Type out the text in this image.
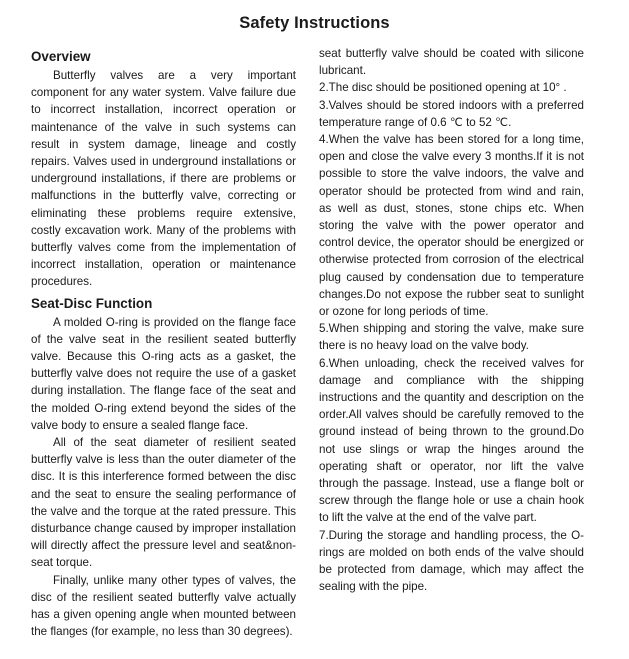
Safety Instructions
Overview

Butterfly valves are a very important component for any water system. Valve failure due to incorrect installation, incorrect operation or maintenance of the valve in such systems can result in system damage, lineage and costly repairs. Valves used in underground installations or underground installations, if there are problems or malfunctions in the butterfly valve, correcting or eliminating these problems require extensive, costly excavation work. Many of the problems with butterfly valves come from the implementation of incorrect installation, operation or maintenance procedures.

Seat-Disc Function

A molded O-ring is provided on the flange face of the valve seat in the resilient seated butterfly valve. Because this O-ring acts as a gasket, the butterfly valve does not require the use of a gasket during installation. The flange face of the seat and the molded O-ring extend beyond the sides of the valve body to ensure a sealed flange face.

All of the seat diameter of resilient seated butterfly valve is less than the outer diameter of the disc. It is this interference formed between the disc and the seat to ensure the sealing performance of the valve and the torque at the rated pressure. This disturbance change caused by improper installation will directly affect the pressure level and seat&non-seat torque.

Finally, unlike many other types of valves, the disc of the resilient seated butterfly valve actually has a given opening angle when mounted between the flanges (for example, no less than 30 degrees).

seat butterfly valve should be coated with silicone lubricant.

2.The disc should be positioned opening at 10° .

3.Valves should be stored indoors with a preferred temperature range of 0.6 ℃ to 52 ℃.

4.When the valve has been stored for a long time, open and close the valve every 3 months.If it is not possible to store the valve indoors, the valve and operator should be protected from wind and rain, as well as dust, stones, stone chips etc. When storing the valve with the power operator and control device, the operator should be energized or otherwise protected from corrosion of the electrical plug caused by condensation due to temperature changes.Do not expose the rubber seat to sunlight or ozone for long periods of time.

5.When shipping and storing the valve, make sure there is no heavy load on the valve body.

6.When unloading, check the received valves for damage and compliance with the shipping instructions and the quantity and description on the order.All valves should be carefully removed to the ground instead of being thrown to the ground.Do not use slings or wrap the hinges around the operating shaft or operator, nor lift the valve through the passage. Instead, use a flange bolt or screw through the flange hole or use a chain hook to lift the valve at the end of the valve part.

7.During the storage and handling process, the O-rings are molded on both ends of the valve should be protected from damage, which may affect the sealing with the pipe.
